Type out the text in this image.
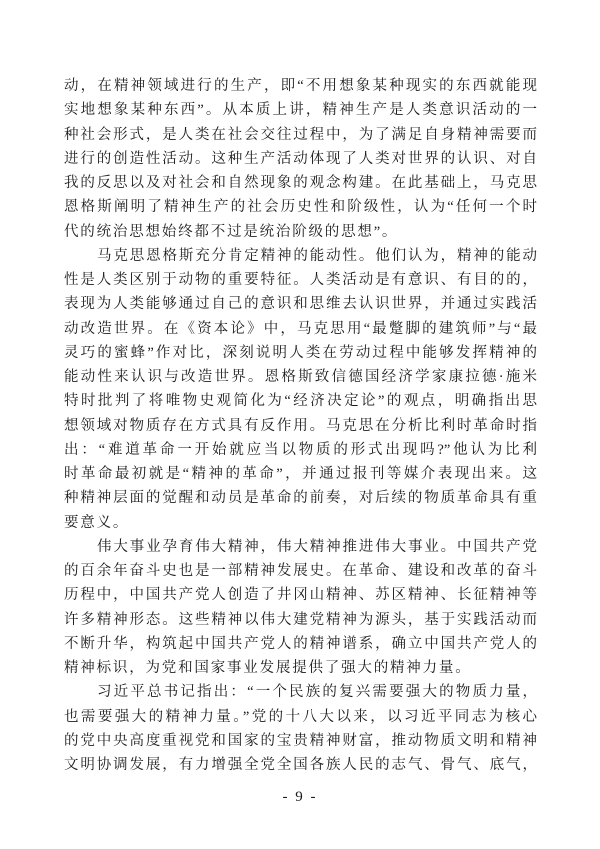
动，在精神领域进行的生产，即“不用想象某种现实的东西就能现
实地想象某种东西”。从本质上讲，精神生产是人类意识活动的一
种社会形式，是人类在社会交往过程中，为了满足自身精神需要而
进行的创造性活动。这种生产活动体现了人类对世界的认识、对自
我的反思以及对社会和自然现象的观念构建。在此基础上，马克思
恩格斯阐明了精神生产的社会历史性和阶级性，认为“任何一个时
代的统治思想始终都不过是统治阶级的思想”。
马克思恩格斯充分肯定精神的能动性。他们认为，精神的能动
性是人类区别于动物的重要特征。人类活动是有意识、有目的的，
表现为人类能够通过自己的意识和思维去认识世界，并通过实践活
动改造世界。在《资本论》中，马克思用“最蹩脚的建筑师”与“最
灵巧的蜜蜂”作对比，深刻说明人类在劳动过程中能够发挥精神的
能动性来认识与改造世界。恩格斯致信德国经济学家康拉德·施米
特时批判了将唯物史观简化为“经济决定论”的观点，明确指出思
想领域对物质存在方式具有反作用。马克思在分析比利时革命时指
出：“难道革命一开始就应当以物质的形式出现吗?”他认为比利
时革命最初就是“精神的革命”，并通过报刊等媒介表现出来。这
种精神层面的觉醒和动员是革命的前奏，对后续的物质革命具有重
要意义。
伟大事业孕育伟大精神，伟大精神推进伟大事业。中国共产党
的百余年奋斗史也是一部精神发展史。在革命、建设和改革的奋斗
历程中，中国共产党人创造了井冈山精神、苏区精神、长征精神等
许多精神形态。这些精神以伟大建党精神为源头，基于实践活动而
不断升华，构筑起中国共产党人的精神谱系，确立中国共产党人的
精神标识，为党和国家事业发展提供了强大的精神力量。
习近平总书记指出：“一个民族的复兴需要强大的物质力量，
也需要强大的精神力量。”党的十八大以来，以习近平同志为核心
的党中央高度重视党和国家的宝贵精神财富，推动物质文明和精神
文明协调发展，有力增强全党全国各族人民的志气、骨气、底气，
- 9 -
